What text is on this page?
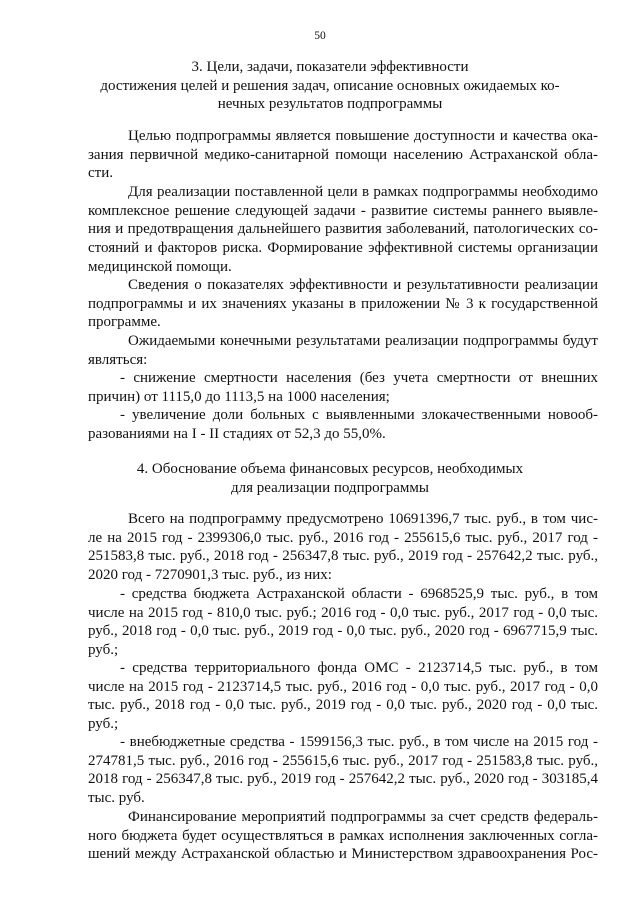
50
3. Цели, задачи, показатели эффективности
достижения целей и решения задач, описание основных ожидаемых ко-
нечных результатов подпрограммы
Целью подпрограммы является повышение доступности и качества ока-
зания первичной медико-санитарной помощи населению Астраханской обла-
сти.
Для реализации поставленной цели в рамках подпрограммы необходимо
комплексное решение следующей задачи - развитие системы раннего выявле-
ния и предотвращения дальнейшего развития заболеваний, патологических со-
стояний и факторов риска. Формирование эффективной системы организации
медицинской помощи.
Сведения о показателях эффективности и результативности реализации
подпрограммы и их значениях указаны в приложении № 3 к государственной
программе.
Ожидаемыми конечными результатами реализации подпрограммы будут
являться:
- снижение смертности населения (без учета смертности от внешних
причин) от 1115,0 до 1113,5 на 1000 населения;
- увеличение доли больных с выявленными злокачественными новооб-
разованиями на I - II стадиях от 52,3 до 55,0%.
4. Обоснование объема финансовых ресурсов, необходимых
для реализации подпрограммы
Всего на подпрограмму предусмотрено 10691396,7 тыс. руб., в том чис-
ле на 2015 год - 2399306,0 тыс. руб., 2016 год - 255615,6 тыс. руб., 2017 год -
251583,8 тыс. руб., 2018 год - 256347,8 тыс. руб., 2019 год - 257642,2 тыс. руб.,
2020 год - 7270901,3 тыс. руб., из них:
- средства бюджета Астраханской области - 6968525,9 тыс. руб., в том
числе на 2015 год - 810,0 тыс. руб.; 2016 год - 0,0 тыс. руб., 2017 год - 0,0 тыс.
руб., 2018 год - 0,0 тыс. руб., 2019 год - 0,0 тыс. руб., 2020 год - 6967715,9 тыс.
руб.;
- средства территориального фонда ОМС - 2123714,5 тыс. руб., в том
числе на 2015 год - 2123714,5 тыс. руб., 2016 год - 0,0 тыс. руб., 2017 год - 0,0
тыс. руб., 2018 год - 0,0 тыс. руб., 2019 год - 0,0 тыс. руб., 2020 год - 0,0 тыс.
руб.;
- внебюджетные средства - 1599156,3 тыс. руб., в том числе на 2015 год -
274781,5 тыс. руб., 2016 год - 255615,6 тыс. руб., 2017 год - 251583,8 тыс. руб.,
2018 год - 256347,8 тыс. руб., 2019 год - 257642,2 тыс. руб., 2020 год - 303185,4
тыс. руб.
Финансирование мероприятий подпрограммы за счет средств федераль-
ного бюджета будет осуществляться в рамках исполнения заключенных согла-
шений между Астраханской областью и Министерством здравоохранения Рос-
